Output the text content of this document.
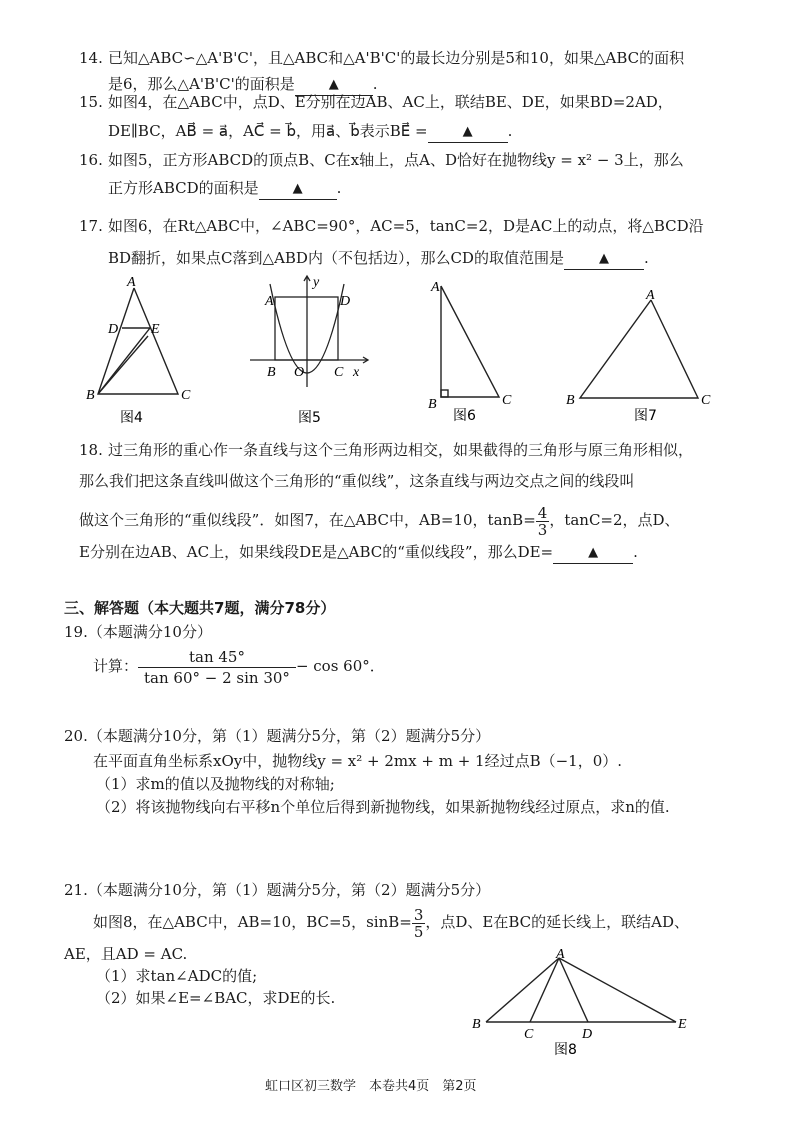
14. 已知△ABC∽△A'B'C'，且△ABC和△A'B'C'的最长边分别是5和10，如果△ABC的面积
是6，那么△A'B'C'的面积是	▲ .
15. 如图4，在△ABC中，点D、E分别在边AB、AC上，联结BE、DE，如果BD=2AD，
DE∥BC，AB⃗ = a⃗，AC⃗ = b⃗，用a⃗、b⃗表示BE⃗ =	▲ .
16. 如图5，正方形ABCD的顶点B、C在x轴上，点A、D恰好在抛物线y = x² − 3上，那么
正方形ABCD的面积是	▲ .
17. 如图6，在Rt△ABC中，∠ABC=90°，AC=5，tanC=2，D是AC上的动点，将△BCD沿
BD翻折，如果点C落到△ABD内（不包括边），那么CD的取值范围是	▲ .
A
D E
B	C
图4
A	D
y
B O C x
图5
A
B	C
图6
A
B	C
图7
18. 过三角形的重心作一条直线与这个三角形两边相交，如果截得的三角形与原三角形相似，
那么我们把这条直线叫做这个三角形的“重似线”，这条直线与两边交点之间的线段叫
做这个三角形的“重似线段”．如图7，在△ABC中，AB=10，$\tan B= \frac{4}{3}$ ，tanC=2，点D、
E分别在边AB、AC上，如果线段DE是△ABC的“重似线段”，那么DE=	▲ .
三、解答题（本大题共7题，满分78分）
19.（本题满分10分）
计算： $\frac{\tan 45^\circ}{\tan 60^\circ - 2 \sin 30^\circ} - \cos 60^\circ$．
20.（本题满分10分，第（1）题满分5分，第（2）题满分5分）
在平面直角坐标系xOy中，抛物线y = x² + 2mx + m + 1经过点B（−1，0）.
（1）求m的值以及抛物线的对称轴;
（2）将该抛物线向右平移n个单位后得到新抛物线，如果新抛物线经过原点，求n的值.
21.（本题满分10分，第（1）题满分5分，第（2）题满分5分）
如图8，在△ABC中，AB=10，BC=5，$\sin B= \frac{3}{5}$ ，点D、E在BC的延长线上，联结AD、
AE，且AD = AC.
（1）求tan∠ADC的值;
（2）如果∠E=∠BAC，求DE的长.
A
B
C	D
E
图8
虹口区初三数学　本卷共4页　第2页
